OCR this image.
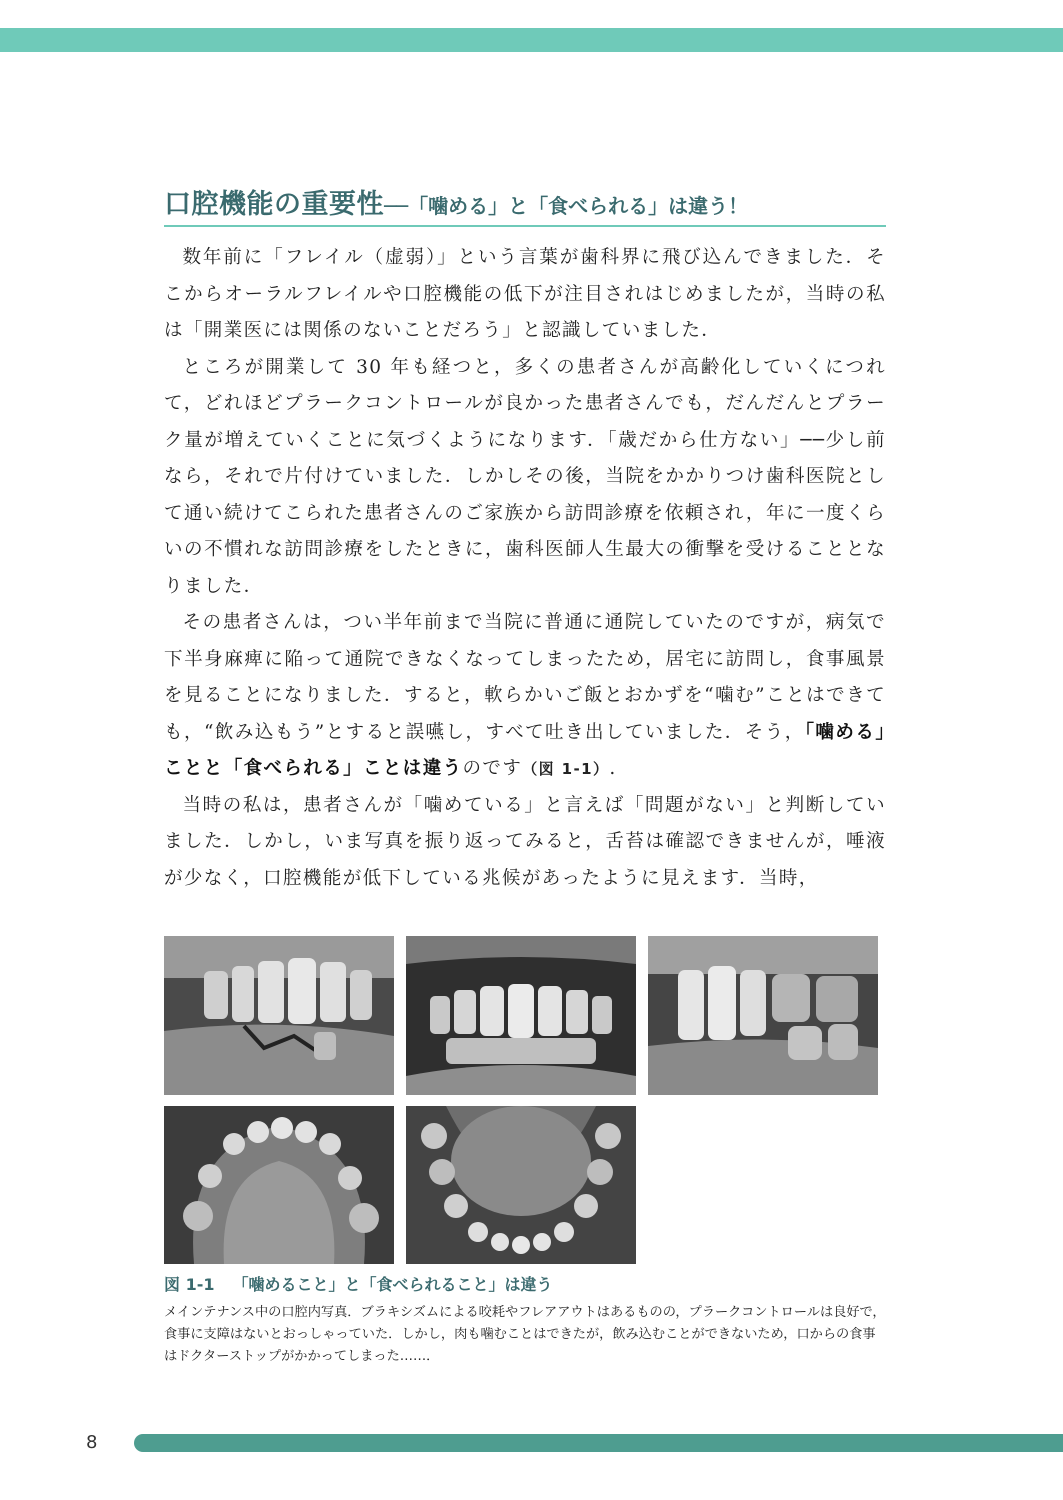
口腔機能の重要性──「噛める」と「食べられる」は違う！

数年前に「フレイル（虚弱）」という言葉が歯科界に飛び込んできました．そこからオーラルフレイルや口腔機能の低下が注目されはじめましたが，当時の私は「開業医には関係のないことだろう」と認識していました．

ところが開業して 30 年も経つと，多くの患者さんが高齢化していくにつれて，どれほどプラークコントロールが良かった患者さんでも，だんだんとプラーク量が増えていくことに気づくようになります．「歳だから仕方ない」──少し前なら，それで片付けていました．しかしその後，当院をかかりつけ歯科医院として通い続けてこられた患者さんのご家族から訪問診療を依頼され，年に一度くらいの不慣れな訪問診療をしたときに，歯科医師人生最大の衝撃を受けることとなりました．

その患者さんは，つい半年前まで当院に普通に通院していたのですが，病気で下半身麻痺に陥って通院できなくなってしまったため，居宅に訪問し，食事風景を見ることになりました．すると，軟らかいご飯とおかずを“噛む”ことはできても，“飲み込もう”とすると誤嚥し，すべて吐き出していました．そう，「噛める」ことと「食べられる」ことは違うのです（図 1-1）.

当時の私は，患者さんが「噛めている」と言えば「問題がない」と判断していました．しかし，いま写真を振り返ってみると，舌苔は確認できませんが，唾液が少なく，口腔機能が低下している兆候があったように見えます．当時，

図 1-1 「噛めること」と「食べられること」は違う
メインテナンス中の口腔内写真．ブラキシズムによる咬耗やフレアアウトはあるものの，プラークコントロールは良好で，食事に支障はないとおっしゃっていた．しかし，肉も噛むことはできたが，飲み込むことができないため，口からの食事はドクターストップがかかってしまった……．
8
